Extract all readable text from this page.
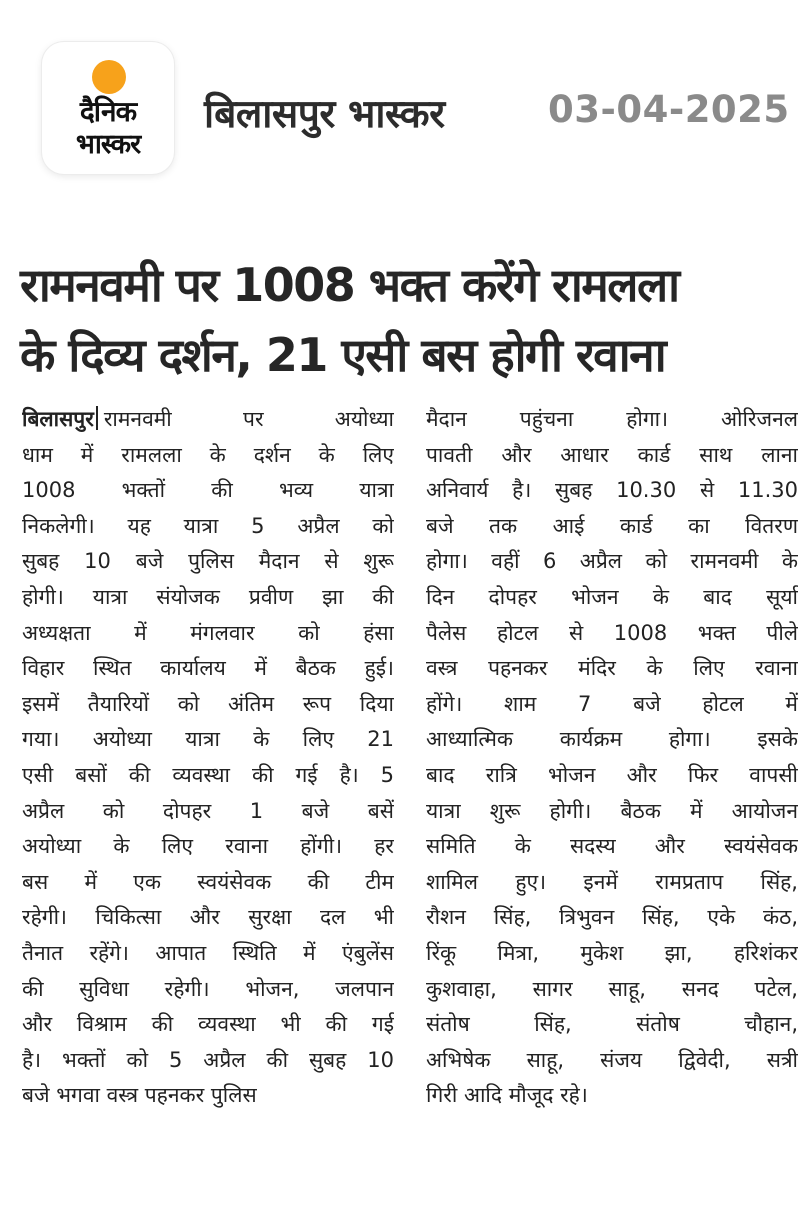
दैनिक
भास्कर
बिलासपुर भास्कर	03-04-2025
रामनवमी पर 1008 भक्त करेंगे रामलला
के दिव्य दर्शन, 21 एसी बस होगी रवाना
बिलासपुर रामनवमी पर अयोध्या
धाम में रामलला के दर्शन के लिए
1008 भक्तों की भव्य यात्रा
निकलेगी। यह यात्रा 5 अप्रैल को
सुबह 10 बजे पुलिस मैदान से शुरू
होगी। यात्रा संयोजक प्रवीण झा की
अध्यक्षता में मंगलवार को हंसा
विहार स्थित कार्यालय में बैठक हुई।
इसमें तैयारियों को अंतिम रूप दिया
गया। अयोध्या यात्रा के लिए 21
एसी बसों की व्यवस्था की गई है। 5
अप्रैल को दोपहर 1 बजे बसें
अयोध्या के लिए रवाना होंगी। हर
बस में एक स्वयंसेवक की टीम
रहेगी। चिकित्सा और सुरक्षा दल भी
तैनात रहेंगे। आपात स्थिति में एंबुलेंस
की सुविधा रहेगी। भोजन, जलपान
और विश्राम की व्यवस्था भी की गई
है। भक्तों को 5 अप्रैल की सुबह 10
बजे भगवा वस्त्र पहनकर पुलिस
मैदान पहुंचना होगा। ओरिजनल
पावती और आधार कार्ड साथ लाना
अनिवार्य है। सुबह 10.30 से 11.30
बजे तक आई कार्ड का वितरण
होगा। वहीं 6 अप्रैल को रामनवमी के
दिन दोपहर भोजन के बाद सूर्या
पैलेस होटल से 1008 भक्त पीले
वस्त्र पहनकर मंदिर के लिए रवाना
होंगे। शाम 7 बजे होटल में
आध्यात्मिक कार्यक्रम होगा। इसके
बाद रात्रि भोजन और फिर वापसी
यात्रा शुरू होगी। बैठक में आयोजन
समिति के सदस्य और स्वयंसेवक
शामिल हुए। इनमें रामप्रताप सिंह,
रौशन सिंह, त्रिभुवन सिंह, एके कंठ,
रिंकू मित्रा, मुकेश झा, हरिशंकर
कुशवाहा, सागर साहू, सनद पटेल,
संतोष सिंह, संतोष चौहान,
अभिषेक साहू, संजय द्विवेदी, सत्री
गिरी आदि मौजूद रहे।
